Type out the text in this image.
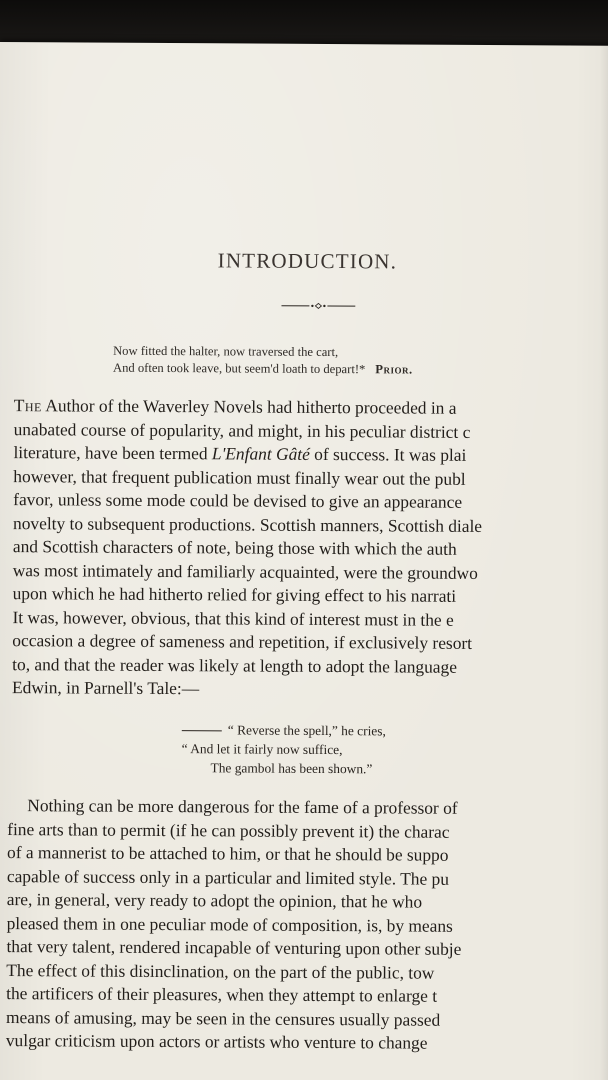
INTRODUCTION.
Now fitted the halter, now traversed the cart,
And often took leave, but seem'd loath to depart!* Prior.
The Author of the Waverley Novels had hitherto proceeded in a
unabated course of popularity, and might, in his peculiar district c
literature, have been termed L'Enfant Gâté of success. It was plai
however, that frequent publication must finally wear out the publ
favor, unless some mode could be devised to give an appearance
novelty to subsequent productions. Scottish manners, Scottish diale
and Scottish characters of note, being those with which the auth
was most intimately and familiarly acquainted, were the groundwo
upon which he had hitherto relied for giving effect to his narrati
It was, however, obvious, that this kind of interest must in the e
occasion a degree of sameness and repetition, if exclusively resort
to, and that the reader was likely at length to adopt the language
Edwin, in Parnell's Tale:—
“ Reverse the spell,” he cries,
“ And let it fairly now suffice,
The gambol has been shown.”
Nothing can be more dangerous for the fame of a professor of
fine arts than to permit (if he can possibly prevent it) the charac
of a mannerist to be attached to him, or that he should be suppo
capable of success only in a particular and limited style. The pu
are, in general, very ready to adopt the opinion, that he who
pleased them in one peculiar mode of composition, is, by means
that very talent, rendered incapable of venturing upon other subje
The effect of this disinclination, on the part of the public, tow
the artificers of their pleasures, when they attempt to enlarge t
means of amusing, may be seen in the censures usually passed
vulgar criticism upon actors or artists who venture to change
